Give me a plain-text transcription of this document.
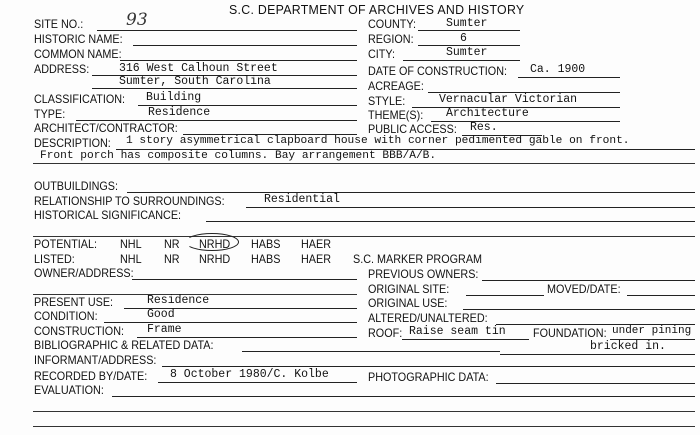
S.C. DEPARTMENT OF ARCHIVES AND HISTORY
SITE NO.:	93
HISTORIC NAME:
COMMON NAME:
ADDRESS:	316 West Calhoun Street
Sumter, South Carolina
CLASSIFICATION: Building
TYPE:	Residence
ARCHITECT/CONTRACTOR:
COUNTY:	Sumter
REGION:	6
CITY:	Sumter
DATE OF CONSTRUCTION: Ca. 1900
ACREAGE:
STYLE:	Vernacular Victorian
THEME(S): Architecture
PUBLIC ACCESS: Res.
DESCRIPTION: 1 story asymmetrical clapboard house with corner pedimented gable on front.
Front porch has composite columns. Bay arrangement BBB/A/B.
OUTBUILDINGS:
RELATIONSHIP TO SURROUNDINGS:	Residential
HISTORICAL SIGNIFICANCE:
POTENTIAL: NHL NR NRHD HABS HAER
LISTED:	NHL NR NRHD HABS HAER S.C. MARKER PROGRAM
OWNER/ADDRESS:	PREVIOUS OWNERS:
ORIGINAL SITE:	MOVED/DATE:
PRESENT USE:	Residence	ORIGINAL USE:
CONDITION:	Good	ALTERED/UNALTERED:
CONSTRUCTION: Frame	ROOF: Raise seam tin FOUNDATION: under pining
bricked in.
BIBLIOGRAPHIC & RELATED DATA:
INFORMANT/ADDRESS:
RECORDED BY/DATE: 8 October 1980/C. Kolbe	PHOTOGRAPHIC DATA:
EVALUATION:
